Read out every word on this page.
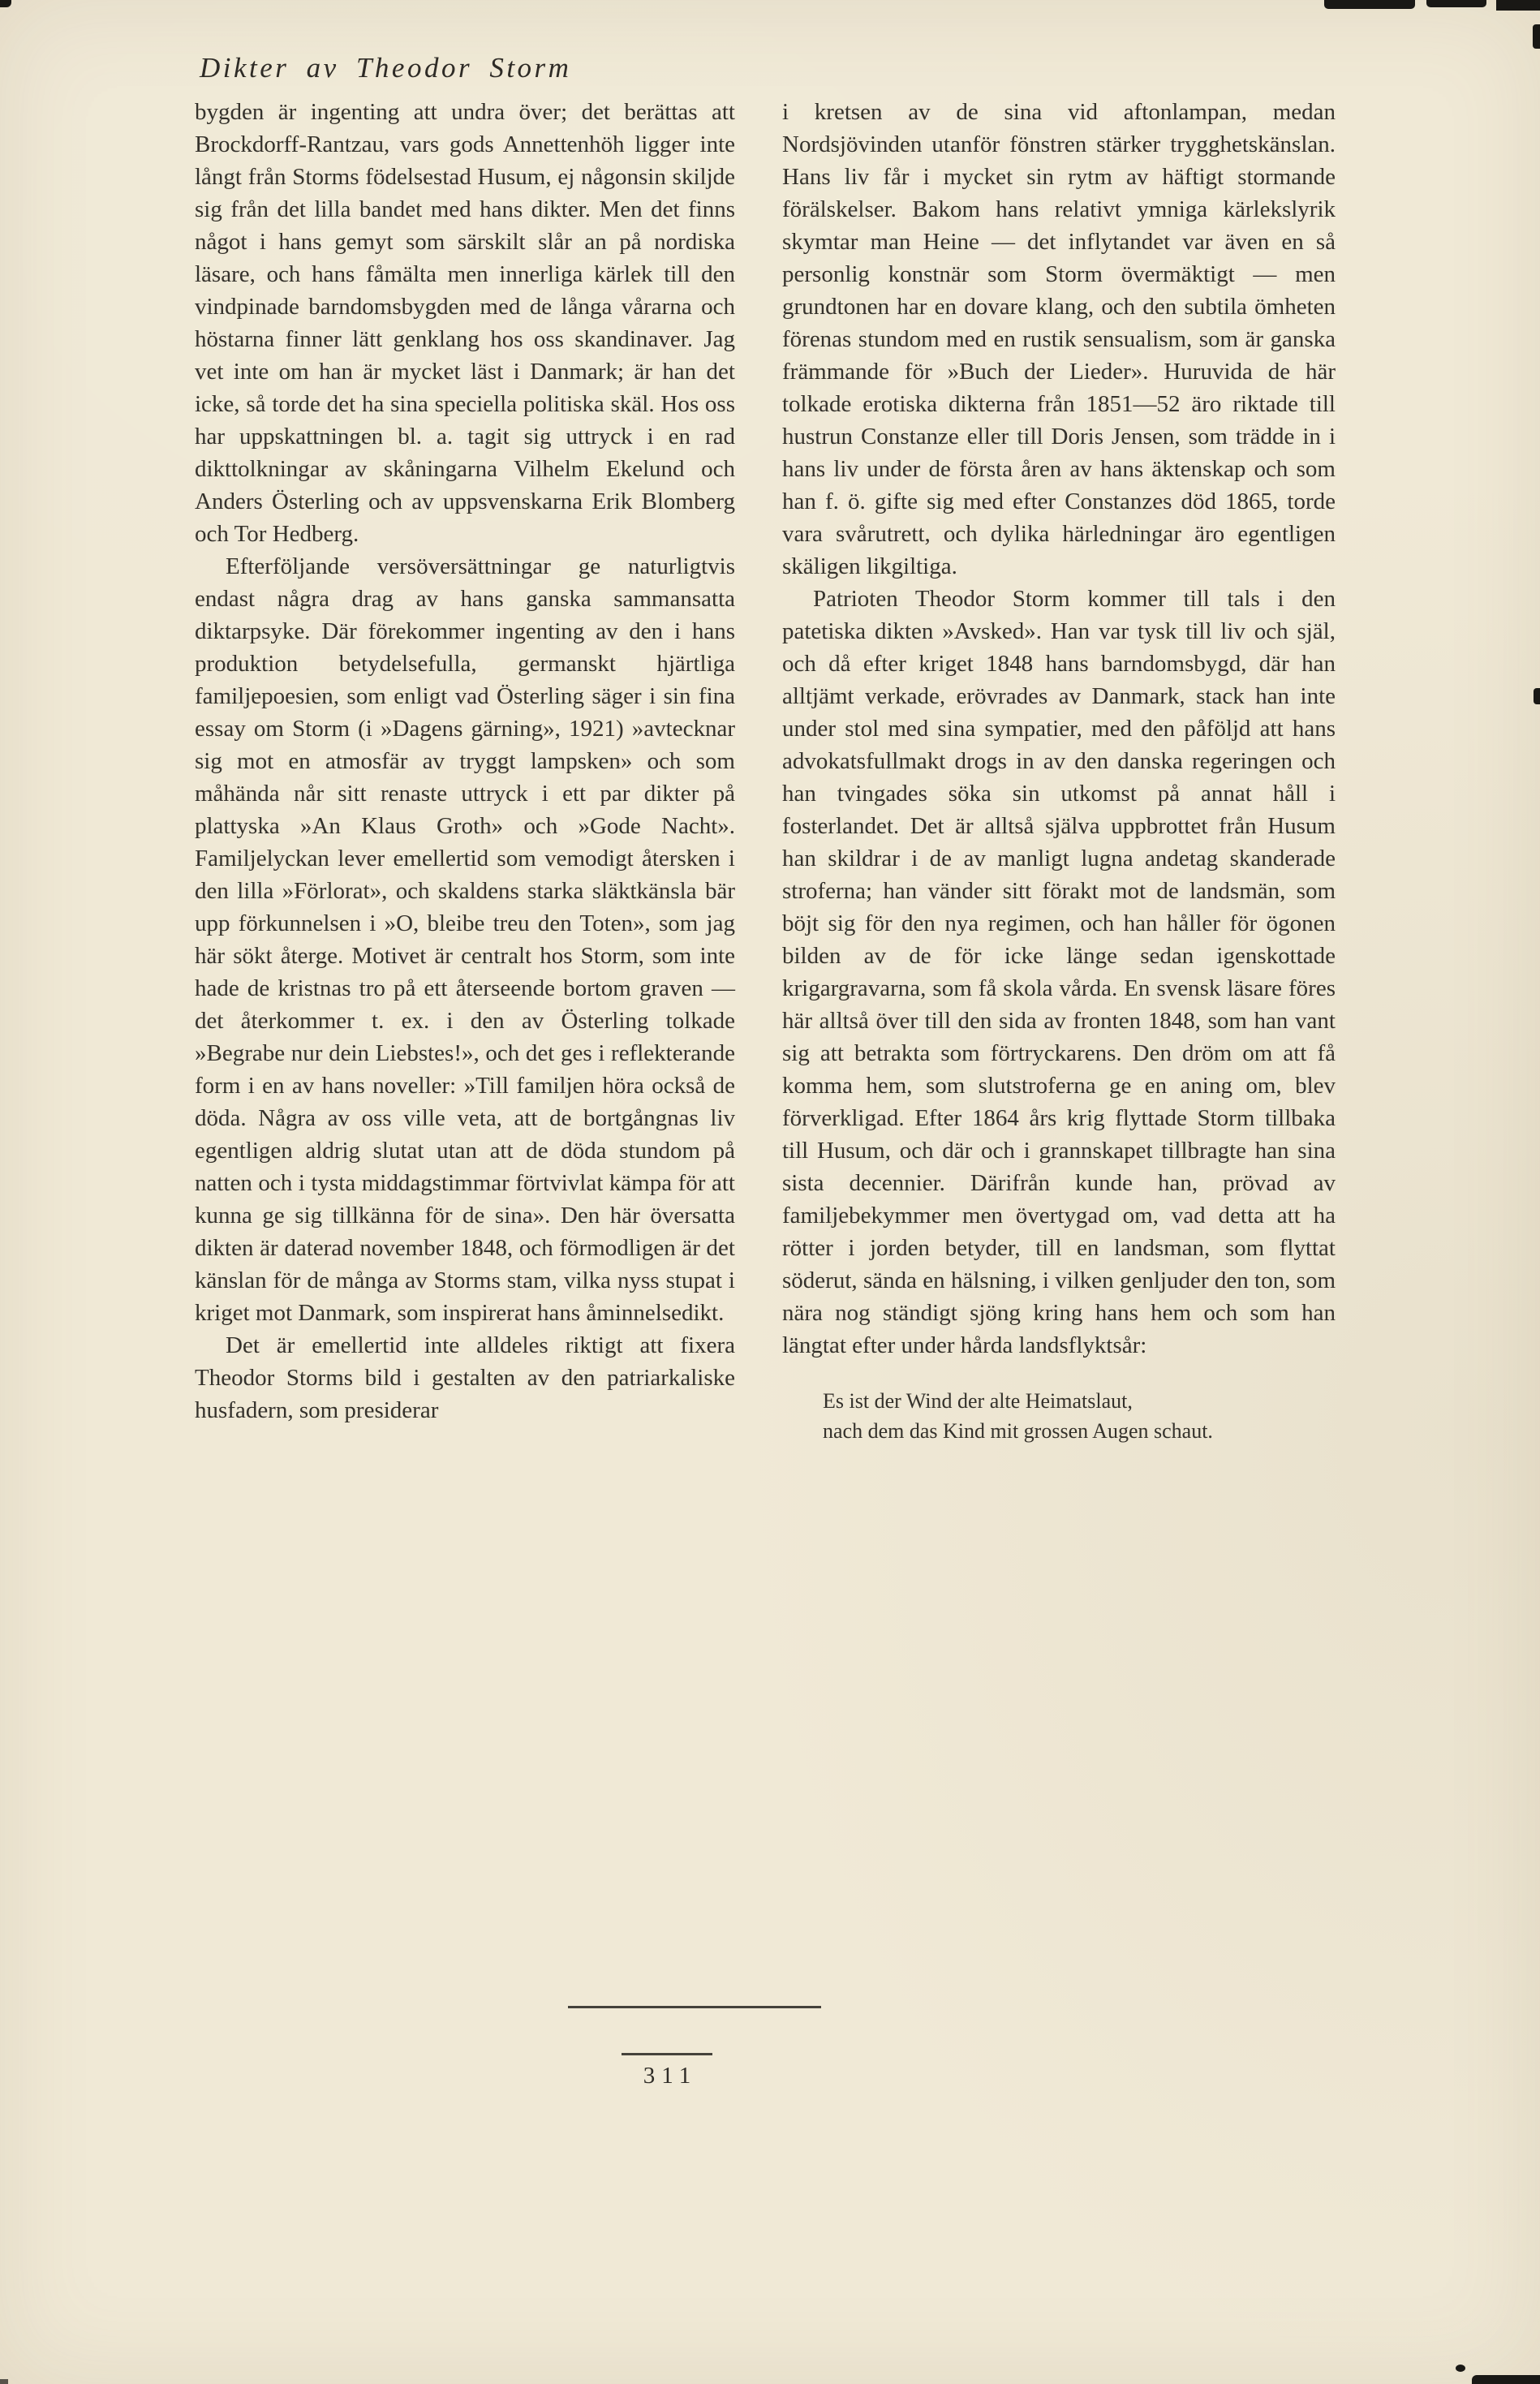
Dikter av Theodor Storm

bygden är ingenting att undra över; det berättas att Brockdorff-Rantzau, vars gods Annettenhöh ligger inte långt från Storms födelsestad Husum, ej någonsin skiljde sig från det lilla bandet med hans dikter. Men det finns något i hans gemyt som särskilt slår an på nordiska läsare, och hans fåmälta men innerliga kärlek till den vindpinade barndomsbygden med de långa vårarna och höstarna finner lätt genklang hos oss skandinaver. Jag vet inte om han är mycket läst i Danmark; är han det icke, så torde det ha sina speciella politiska skäl. Hos oss har uppskattningen bl. a. tagit sig uttryck i en rad dikttolkningar av skåningarna Vilhelm Ekelund och Anders Österling och av uppsvenskarna Erik Blomberg och Tor Hedberg.

Efterföljande versöversättningar ge naturligtvis endast några drag av hans ganska sammansatta diktarpsyke. Där förekommer ingenting av den i hans produktion betydelsefulla, germanskt hjärtliga familjepoesien, som enligt vad Österling säger i sin fina essay om Storm (i »Dagens gärning», 1921) »avtecknar sig mot en atmosfär av tryggt lampsken» och som måhända når sitt renaste uttryck i ett par dikter på plattyska »An Klaus Groth» och »Gode Nacht». Familjelyckan lever emellertid som vemodigt återsken i den lilla »Förlorat», och skaldens starka släktkänsla bär upp förkunnelsen i »O, bleibe treu den Toten», som jag här sökt återge. Motivet är centralt hos Storm, som inte hade de kristnas tro på ett återseende bortom graven — det återkommer t. ex. i den av Österling tolkade »Begrabe nur dein Liebstes!», och det ges i reflekterande form i en av hans noveller: »Till familjen höra också de döda. Några av oss ville veta, att de bortgångnas liv egentligen aldrig slutat utan att de döda stundom på natten och i tysta middagstimmar förtvivlat kämpa för att kunna ge sig tillkänna för de sina». Den här översatta dikten är daterad november 1848, och förmodligen är det känslan för de många av Storms stam, vilka nyss stupat i kriget mot Danmark, som inspirerat hans åminnelsedikt.

Det är emellertid inte alldeles riktigt att fixera Theodor Storms bild i gestalten av den patriarkaliske husfadern, som presiderar

i kretsen av de sina vid aftonlampan, medan Nordsjövinden utanför fönstren stärker trygghetskänslan. Hans liv får i mycket sin rytm av häftigt stormande förälskelser. Bakom hans relativt ymniga kärlekslyrik skymtar man Heine — det inflytandet var även en så personlig konstnär som Storm övermäktigt — men grundtonen har en dovare klang, och den subtila ömheten förenas stundom med en rustik sensualism, som är ganska främmande för »Buch der Lieder». Huruvida de här tolkade erotiska dikterna från 1851—52 äro riktade till hustrun Constanze eller till Doris Jensen, som trädde in i hans liv under de första åren av hans äktenskap och som han f. ö. gifte sig med efter Constanzes död 1865, torde vara svårutrett, och dylika härledningar äro egentligen skäligen likgiltiga.

Patrioten Theodor Storm kommer till tals i den patetiska dikten »Avsked». Han var tysk till liv och själ, och då efter kriget 1848 hans barndomsbygd, där han alltjämt verkade, erövrades av Danmark, stack han inte under stol med sina sympatier, med den påföljd att hans advokatsfullmakt drogs in av den danska regeringen och han tvingades söka sin utkomst på annat håll i fosterlandet. Det är alltså själva uppbrottet från Husum han skildrar i de av manligt lugna andetag skanderade stroferna; han vänder sitt förakt mot de landsmän, som böjt sig för den nya regimen, och han håller för ögonen bilden av de för icke länge sedan igenskottade krigargravarna, som få skola vårda. En svensk läsare föres här alltså över till den sida av fronten 1848, som han vant sig att betrakta som förtryckarens. Den dröm om att få komma hem, som slutstroferna ge en aning om, blev förverkligad. Efter 1864 års krig flyttade Storm tillbaka till Husum, och där och i grannskapet tillbragte han sina sista decennier. Därifrån kunde han, prövad av familjebekymmer men övertygad om, vad detta att ha rötter i jorden betyder, till en landsman, som flyttat söderut, sända en hälsning, i vilken genljuder den ton, som nära nog ständigt sjöng kring hans hem och som han längtat efter under hårda landsflyktsår:

Es ist der Wind der alte Heimatslaut,
nach dem das Kind mit grossen Augen schaut.
311
